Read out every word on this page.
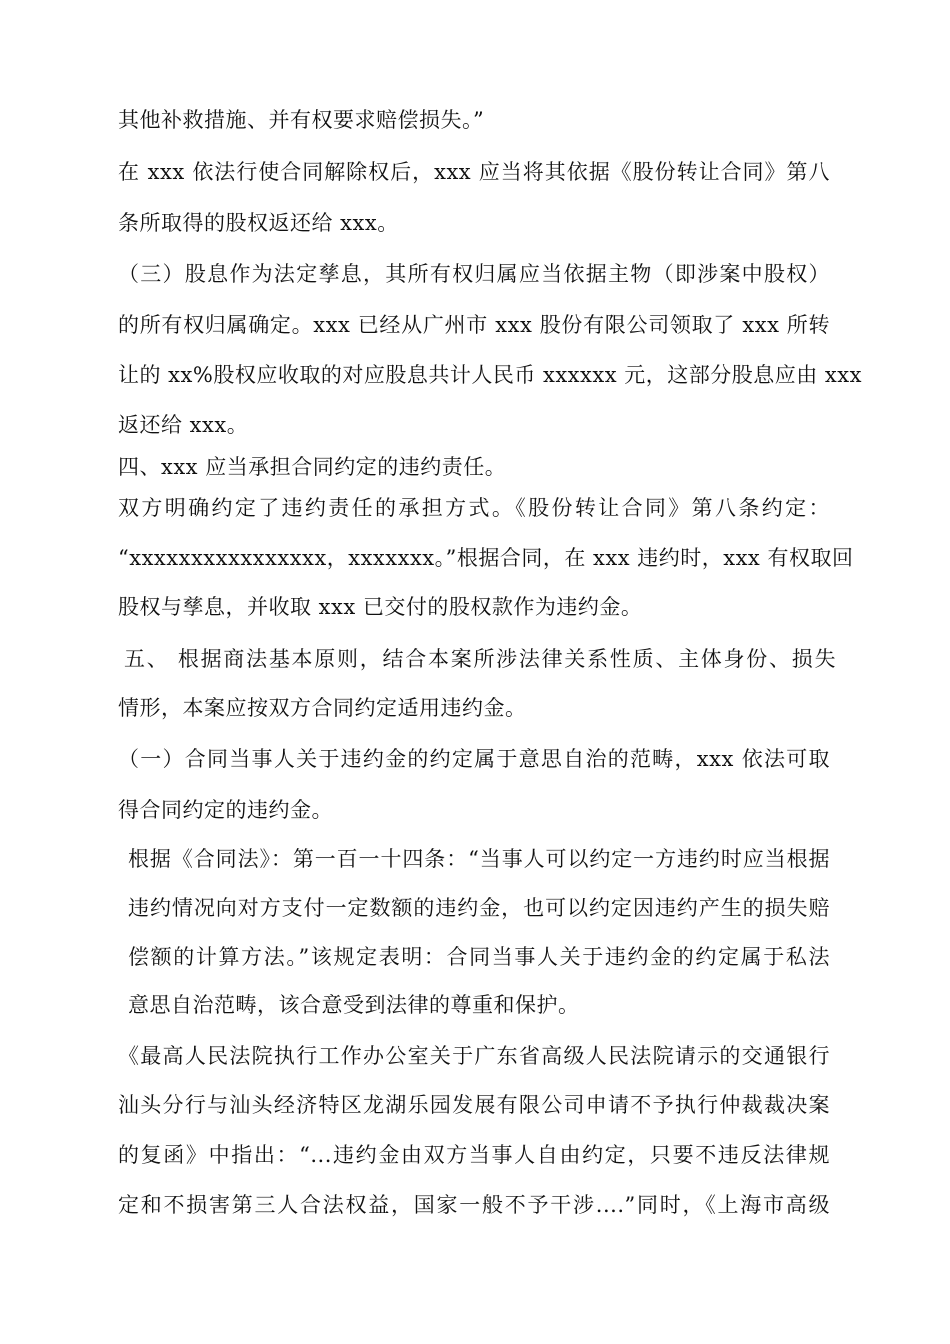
其他补救措施、并有权要求赔偿损失。”
在 xxx 依法行使合同解除权后，xxx 应当将其依据《股份转让合同》第八
条所取得的股权返还给 xxx。
（三）股息作为法定孳息，其所有权归属应当依据主物（即涉案中股权）
的所有权归属确定。xxx 已经从广州市 xxx 股份有限公司领取了 xxx 所转
让的 xx%股权应收取的对应股息共计人民币 xxxxxx 元，这部分股息应由 xxx
返还给 xxx。
四、xxx 应当承担合同约定的违约责任。
双方明确约定了违约责任的承担方式。《股份转让合同》第八条约定：
“xxxxxxxxxxxxxxxx，xxxxxxx。”根据合同，在 xxx 违约时，xxx 有权取回
股权与孳息，并收取 xxx 已交付的股权款作为违约金。
五、 根据商法基本原则，结合本案所涉法律关系性质、主体身份、损失
情形，本案应按双方合同约定适用违约金。
（一）合同当事人关于违约金的约定属于意思自治的范畴，xxx 依法可取
得合同约定的违约金。
根据《合同法》：第一百一十四条：“当事人可以约定一方违约时应当根据
违约情况向对方支付一定数额的违约金，也可以约定因违约产生的损失赔
偿额的计算方法。”该规定表明：合同当事人关于违约金的约定属于私法
意思自治范畴，该合意受到法律的尊重和保护。
《最高人民法院执行工作办公室关于广东省高级人民法院请示的交通银行
汕头分行与汕头经济特区龙湖乐园发展有限公司申请不予执行仲裁裁决案
的复函》中指出：“...违约金由双方当事人自由约定，只要不违反法律规
定和不损害第三人合法权益，国家一般不予干涉....”同时，《上海市高级
